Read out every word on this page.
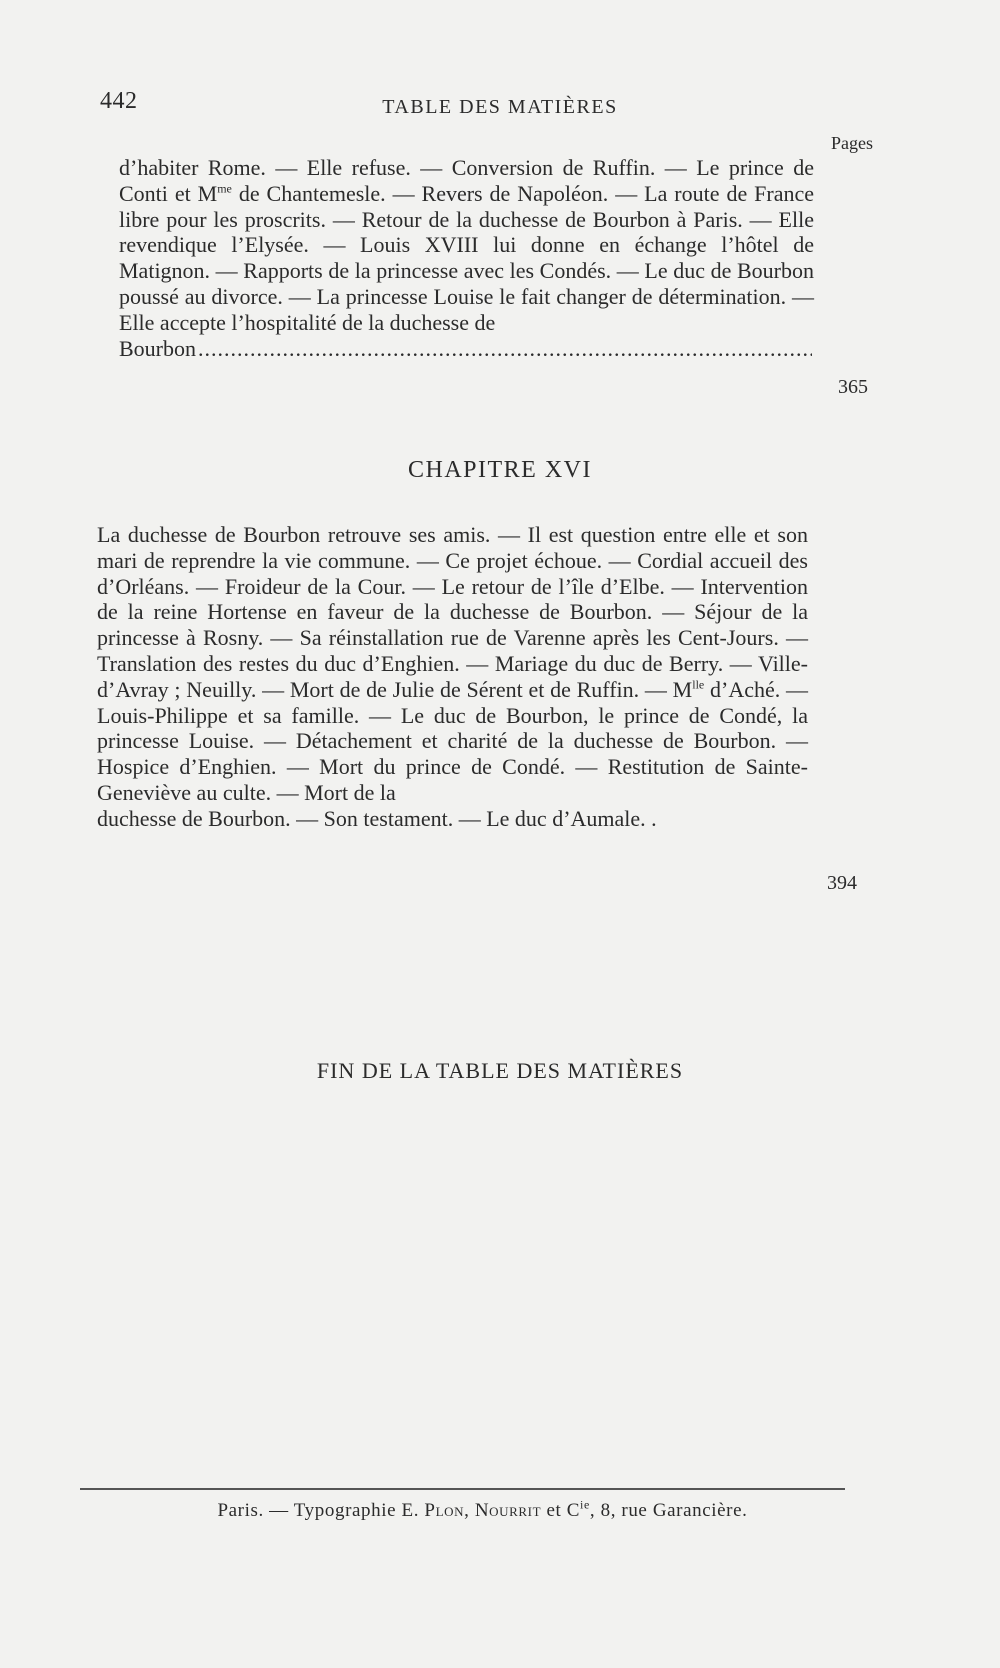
442	TABLE DES MATIÈRES
Pages
d’habiter Rome. — Elle refuse. — Conversion de Ruffin. — Le prince de Conti et $M^{me}$ de Chantemesle. — Revers de Napoléon. — La route de France libre pour les proscrits. — Retour de la duchesse de Bourbon à Paris. — Elle revendique l’Elysée. — Louis XVIII lui donne en échange l’hôtel de Matignon. — Rapports de la princesse avec les Condés. — Le duc de Bourbon poussé au divorce. — La princesse Louise le fait changer de détermination. — Elle accepte l’hospitalité de la duchesse de
Bourbon
.....
365
CHAPITRE XVI
La duchesse de Bourbon retrouve ses amis. — Il est question entre elle et son mari de reprendre la vie commune. — Ce projet échoue. — Cordial accueil des d’Orléans. — Froideur de la Cour. — Le retour de l’île d’Elbe. — Intervention de la reine Hortense en faveur de la duchesse de Bourbon. — Séjour de la princesse à Rosny. — Sa réinstallation rue de Varenne après les Cent-Jours. — Translation des restes du duc d’Enghien. — Mariage du duc de Berry. — Ville-d’Avray ; Neuilly. — Mort de de Julie de Sérent et de Ruffin. — $M^{lle}$ d’Aché. — Louis-Philippe et sa famille. — Le duc de Bourbon, le prince de Condé, la princesse Louise. — Détachement et charité de la duchesse de Bourbon. — Hospice d’Enghien. — Mort du prince de Condé. — Restitution de Sainte-Geneviève au culte. — Mort de la
duchesse de Bourbon. — Son testament. — Le duc d’Aumale. .
394
FIN DE LA TABLE DES MATIÈRES
Paris. — Typographie E. Plon, Nourrit et $C^{ie}$, 8, rue Garancière.
